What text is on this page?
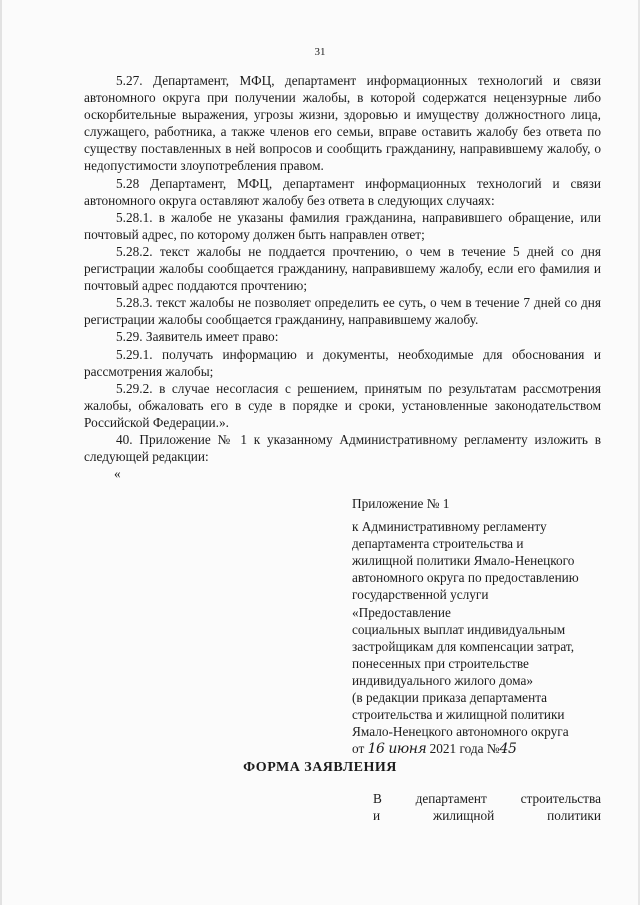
31

5.27. Департамент, МФЦ, департамент информационных технологий и связи автономного округа при получении жалобы, в которой содержатся нецензурные либо оскорбительные выражения, угрозы жизни, здоровью и имуществу должностного лица, служащего, работника, а также членов его семьи, вправе оставить жалобу без ответа по существу поставленных в ней вопросов и сообщить гражданину, направившему жалобу, о недопустимости злоупотребления правом.

5.28 Департамент, МФЦ, департамент информационных технологий и связи автономного округа оставляют жалобу без ответа в следующих случаях:

5.28.1. в жалобе не указаны фамилия гражданина, направившего обращение, или почтовый адрес, по которому должен быть направлен ответ;

5.28.2. текст жалобы не поддается прочтению, о чем в течение 5 дней со дня регистрации жалобы сообщается гражданину, направившему жалобу, если его фамилия и почтовый адрес поддаются прочтению;

5.28.3. текст жалобы не позволяет определить ее суть, о чем в течение 7 дней со дня регистрации жалобы сообщается гражданину, направившему жалобу.

5.29. Заявитель имеет право:

5.29.1. получать информацию и документы, необходимые для обоснования и рассмотрения жалобы;

5.29.2. в случае несогласия с решением, принятым по результатам рассмотрения жалобы, обжаловать его в суде в порядке и сроки, установленные законодательством Российской Федерации.».

40. Приложение № 1 к указанному Административному регламенту изложить в следующей редакции:

«

Приложение № 1
к Административному регламенту
департамента строительства и
жилищной политики Ямало-Ненецкого
автономного округа по предоставлению
государственной услуги
«Предоставление
социальных выплат индивидуальным
застройщикам для компенсации затрат,
понесенных при строительстве
индивидуального жилого дома»
(в редакции приказа департамента
строительства и жилищной политики
Ямало-Ненецкого автономного округа
от 16 июня 2021 года №45
ФОРМА ЗАЯВЛЕНИЯ
В	департамент	строительства
и	жилищной	политики
